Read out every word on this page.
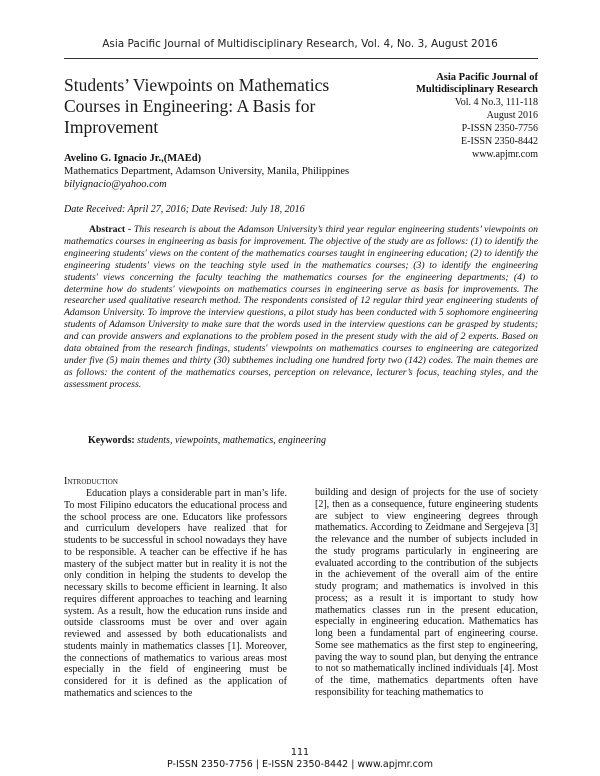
Asia Pacific Journal of Multidisciplinary Research, Vol. 4, No. 3, August 2016
Students’ Viewpoints on Mathematics Courses in Engineering: A Basis for Improvement
Asia Pacific Journal of
Multidisciplinary Research
Vol. 4 No.3, 111-118
August 2016
P-ISSN 2350-7756
E-ISSN 2350-8442
www.apjmr.com
Avelino G. Ignacio Jr.,(MAEd)
Mathematics Department, Adamson University, Manila, Philippines
bilyignacio@yahoo.com
Date Received: April 27, 2016; Date Revised: July 18, 2016
Abstract - This research is about the Adamson University’s third year regular engineering students’ viewpoints on mathematics courses in engineering as basis for improvement. The objective of the study are as follows: (1) to identify the engineering students' views on the content of the mathematics courses taught in engineering education; (2) to identify the engineering students' views on the teaching style used in the mathematics courses; (3) to identify the engineering students' views concerning the faculty teaching the mathematics courses for the engineering departments; (4) to determine how do students' viewpoints on mathematics courses in engineering serve as basis for improvements. The researcher used qualitative research method. The respondents consisted of 12 regular third year engineering students of Adamson University. To improve the interview questions, a pilot study has been conducted with 5 sophomore engineering students of Adamson University to make sure that the words used in the interview questions can be grasped by students; and can provide answers and explanations to the problem posed in the present study with the aid of 2 experts. Based on data obtained from the research findings, students' viewpoints on mathematics courses to engineering are categorized under five (5) main themes and thirty (30) subthemes including one hundred forty two (142) codes. The main themes are as follows: the content of the mathematics courses, perception on relevance, lecturer’s focus, teaching styles, and the assessment process.
Keywords: students, viewpoints, mathematics, engineering
Introduction
Education plays a considerable part in man’s life. To most Filipino educators the educational process and the school process are one. Educators like professors and curriculum developers have realized that for students to be successful in school nowadays they have to be responsible. A teacher can be effective if he has mastery of the subject matter but in reality it is not the only condition in helping the students to develop the necessary skills to become efficient in learning. It also requires different approaches to teaching and learning system. As a result, how the education runs inside and outside classrooms must be over and over again reviewed and assessed by both educationalists and students mainly in mathematics classes [1]. Moreover, the connections of mathematics to various areas most especially in the field of engineering must be considered for it is defined as the application of mathematics and sciences to the
building and design of projects for the use of society [2], then as a consequence, future engineering students are subject to view engineering degrees through mathematics. According to Zeidmane and Sergejeva [3] the relevance and the number of subjects included in the study programs particularly in engineering are evaluated according to the contribution of the subjects in the achievement of the overall aim of the entire study program; and mathematics is involved in this process; as a result it is important to study how mathematics classes run in the present education, especially in engineering education. Mathematics has long been a fundamental part of engineering course. Some see mathematics as the first step to engineering, paving the way to sound plan, but denying the entrance to not so mathematically inclined individuals [4]. Most of the time, mathematics departments often have responsibility for teaching mathematics to
111
P-ISSN 2350-7756 | E-ISSN 2350-8442 | www.apjmr.com
